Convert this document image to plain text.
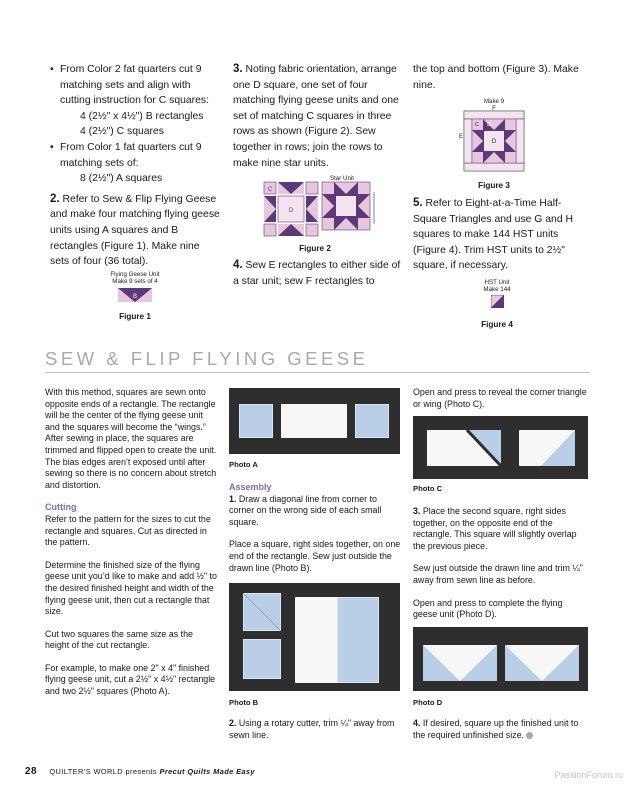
• From Color 2 fat quarters cut 9 matching sets and align with cutting instruction for C squares:
4 (2½" x 4½") B rectangles
4 (2½") C squares
• From Color 1 fat quarters cut 9 matching sets of:
8 (2½") A squares

2. Refer to Sew & Flip Flying Geese and make four matching flying geese units using A squares and B rectangles (Figure 1). Make nine sets of four (36 total).

Flying Geese Unit
Make 9 sets of 4
B
Figure 1

3. Noting fabric orientation, arrange one D square, one set of four matching flying geese units and one set of matching C squares in three rows as shown (Figure 2). Sew together in rows; join the rows to make nine star units.

Star Unit
C
D
Figure 2

4. Sew E rectangles to either side of a star unit; sew F rectangles to

the top and bottom (Figure 3). Make nine.

Make 9
F
C B
E
D
Figure 3

5. Refer to Eight-at-a-Time Half-Square Triangles and use G and H squares to make 144 HST units (Figure 4). Trim HST units to 2½" square, if necessary.

HST Unit
Make 144
Figure 4
SEW & FLIP FLYING GEESE

With this method, squares are sewn onto opposite ends of a rectangle. The rectangle will be the center of the flying geese unit and the squares will become the “wings.” After sewing in place, the squares are trimmed and flipped open to create the unit. The bias edges aren’t exposed until after sewing so there is no concern about stretch and distortion.

Cutting

Refer to the pattern for the sizes to cut the rectangle and squares. Cut as directed in the pattern.

Determine the finished size of the flying geese unit you’d like to make and add ½" to the desired finished height and width of the flying geese unit, then cut a rectangle that size.

Cut two squares the same size as the height of the cut rectangle.

For example, to make one 2" x 4" finished flying geese unit, cut a 2½" x 4½" rectangle and two 2½" squares (Photo A).

Photo A
Assembly

1. Draw a diagonal line from corner to corner on the wrong side of each small square.

Place a square, right sides together, on one end of the rectangle. Sew just outside the drawn line (Photo B).

Photo B

2. Using a rotary cutter, trim ¼" away from sewn line.

Open and press to reveal the corner triangle or wing (Photo C).

Photo C

3. Place the second square, right sides together, on the opposite end of the rectangle. This square will slightly overlap the previous piece.

Sew just outside the drawn line and trim ¼" away from sewn line as before.

Open and press to complete the flying geese unit (Photo D).

Photo D

4. If desired, square up the finished unit to the required unfinished size.

28 QUILTER’S WORLD presents Precut Quilts Made Easy	PassionForum.ru
